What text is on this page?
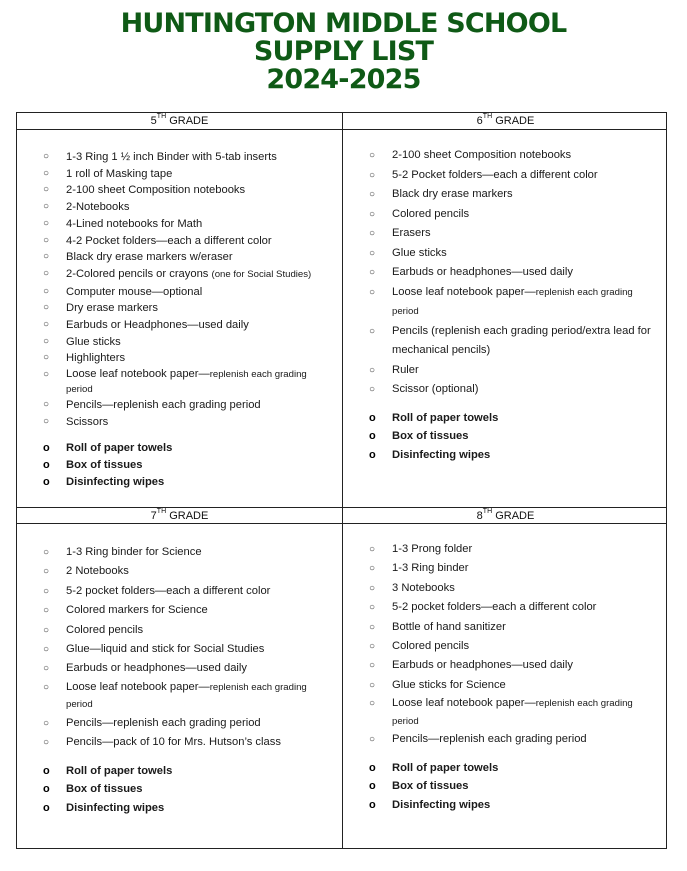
HUNTINGTON MIDDLE SCHOOL
SUPPLY LIST
2024-2025
5TH GRADE
○ 1-3 Ring 1 ½ inch Binder with 5-tab inserts
○ 1 roll of Masking tape
○ 2-100 sheet Composition notebooks
○ 2-Notebooks
○ 4-Lined notebooks for Math
○ 4-2 Pocket folders—each a different color
○ Black dry erase markers w/eraser
○ 2-Colored pencils or crayons (one for Social Studies)
○ Computer mouse—optional
○ Dry erase markers
○ Earbuds or Headphones—used daily
○ Glue sticks
○ Highlighters
○ Loose leaf notebook paper—replenish each grading period
○ Pencils—replenish each grading period
○ Scissors
o Roll of paper towels
o Box of tissues
o Disinfecting wipes
6TH GRADE
○ 2-100 sheet Composition notebooks
○ 5-2 Pocket folders—each a different color
○ Black dry erase markers
○ Colored pencils
○ Erasers
○ Glue sticks
○ Earbuds or headphones—used daily
○ Loose leaf notebook paper—replenish each grading period
○ Pencils (replenish each grading period/extra lead for mechanical pencils)
○ Ruler
○ Scissor (optional)
o Roll of paper towels
o Box of tissues
o Disinfecting wipes
7TH GRADE
○ 1-3 Ring binder for Science
○ 2 Notebooks
○ 5-2 pocket folders—each a different color
○ Colored markers for Science
○ Colored pencils
○ Glue—liquid and stick for Social Studies
○ Earbuds or headphones—used daily
○ Loose leaf notebook paper—replenish each grading period
○ Pencils—replenish each grading period
○ Pencils—pack of 10 for Mrs. Hutson’s class
o Roll of paper towels
o Box of tissues
o Disinfecting wipes
8TH GRADE
○ 1-3 Prong folder
○ 1-3 Ring binder
○ 3 Notebooks
○ 5-2 pocket folders—each a different color
○ Bottle of hand sanitizer
○ Colored pencils
○ Earbuds or headphones—used daily
○ Glue sticks for Science
○ Loose leaf notebook paper—replenish each grading period
○ Pencils—replenish each grading period
o Roll of paper towels
o Box of tissues
o Disinfecting wipes
